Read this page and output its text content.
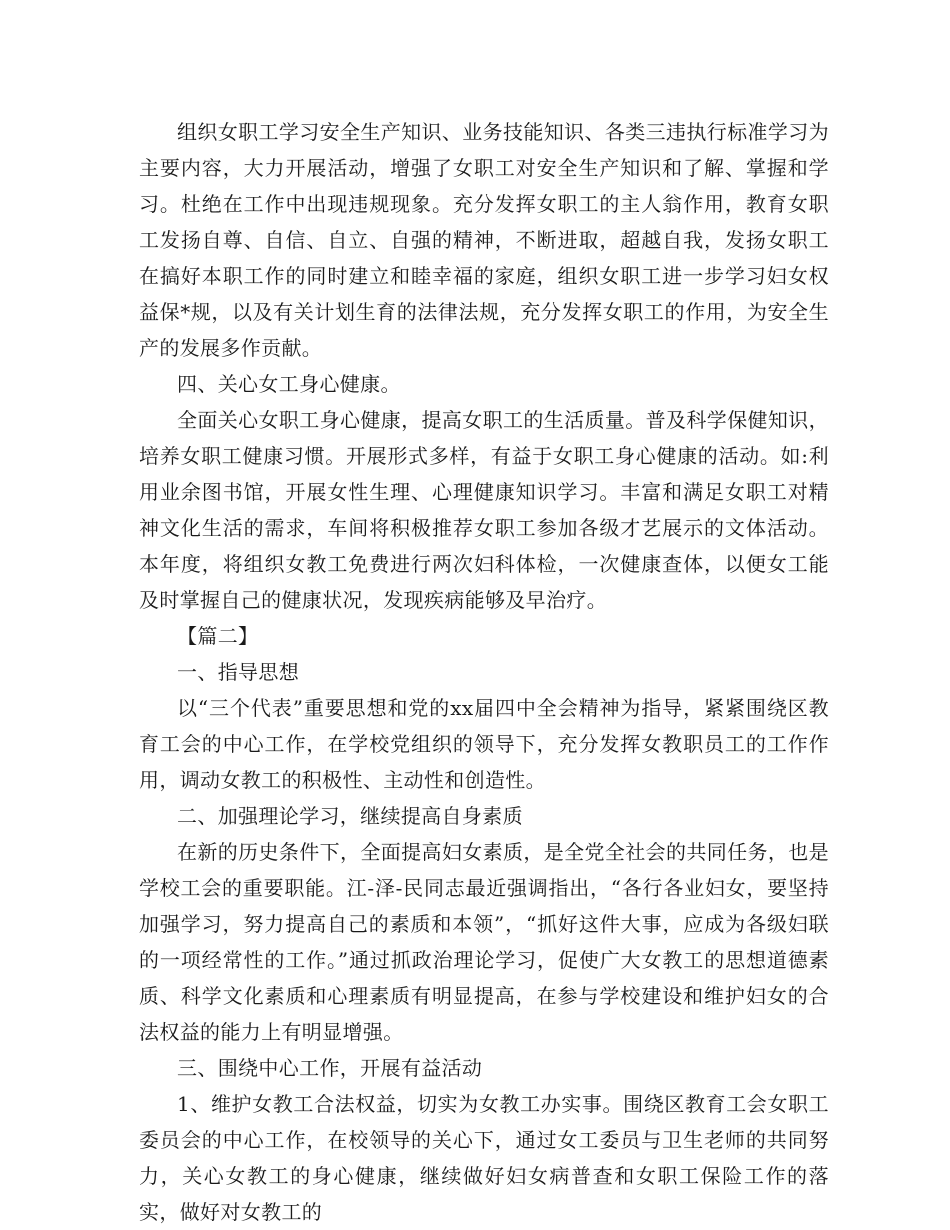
组织女职工学习安全生产知识、业务技能知识、各类三违执行标准学习为主要内容，大力开展活动，增强了女职工对安全生产知识和了解、掌握和学习。杜绝在工作中出现违规现象。充分发挥女职工的主人翁作用，教育女职工发扬自尊、自信、自立、自强的精神，不断进取，超越自我，发扬女职工在搞好本职工作的同时建立和睦幸福的家庭，组织女职工进一步学习妇女权益保*规，以及有关计划生育的法律法规，充分发挥女职工的作用，为安全生产的发展多作贡献。

四、关心女工身心健康。

全面关心女职工身心健康，提高女职工的生活质量。普及科学保健知识，培养女职工健康习惯。开展形式多样，有益于女职工身心健康的活动。如:利用业余图书馆，开展女性生理、心理健康知识学习。丰富和满足女职工对精神文化生活的需求，车间将积极推荐女职工参加各级才艺展示的文体活动。本年度，将组织女教工免费进行两次妇科体检，一次健康查体，以便女工能及时掌握自己的健康状况，发现疾病能够及早治疗。

【篇二】

一、指导思想

以“三个代表”重要思想和党的xx届四中全会精神为指导，紧紧围绕区教育工会的中心工作，在学校党组织的领导下，充分发挥女教职员工的工作作用，调动女教工的积极性、主动性和创造性。

二、加强理论学习，继续提高自身素质

在新的历史条件下，全面提高妇女素质，是全党全社会的共同任务，也是学校工会的重要职能。江-泽-民同志最近强调指出，“各行各业妇女，要坚持加强学习，努力提高自己的素质和本领”，“抓好这件大事，应成为各级妇联的一项经常性的工作。”通过抓政治理论学习，促使广大女教工的思想道德素质、科学文化素质和心理素质有明显提高，在参与学校建设和维护妇女的合法权益的能力上有明显增强。

三、围绕中心工作，开展有益活动

1、维护女教工合法权益，切实为女教工办实事。围绕区教育工会女职工委员会的中心工作，在校领导的关心下，通过女工委员与卫生老师的共同努力，关心女教工的身心健康，继续做好妇女病普查和女职工保险工作的落实，做好对女教工的
